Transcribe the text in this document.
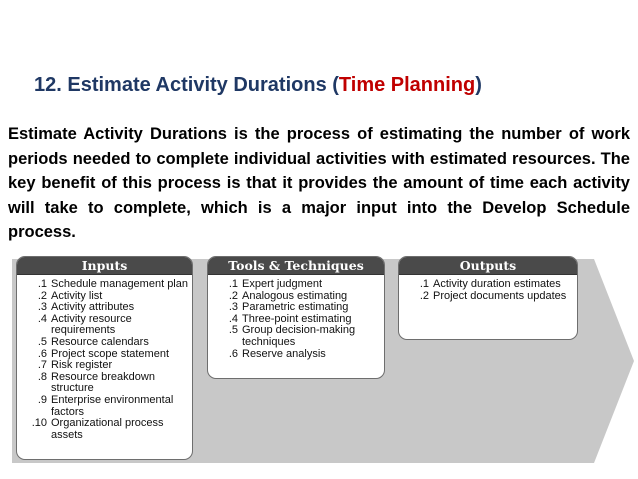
12. Estimate Activity Durations (Time Planning)
Estimate Activity Durations is the process of estimating the number of work periods needed to complete individual activities with estimated resources. The key benefit of this process is that it provides the amount of time each activity will take to complete, which is a major input into the Develop Schedule process.
Inputs
.1 Schedule management plan
.2 Activity list
.3 Activity attributes
.4 Activity resource requirements
.5 Resource calendars
.6 Project scope statement
.7 Risk register
.8 Resource breakdown structure
.9 Enterprise environmental factors
.10 Organizational process assets
Tools & Techniques
.1 Expert judgment
.2 Analogous estimating
.3 Parametric estimating
.4 Three-point estimating
.5 Group decision-making techniques
.6 Reserve analysis
Outputs
.1 Activity duration estimates
.2 Project documents updates
